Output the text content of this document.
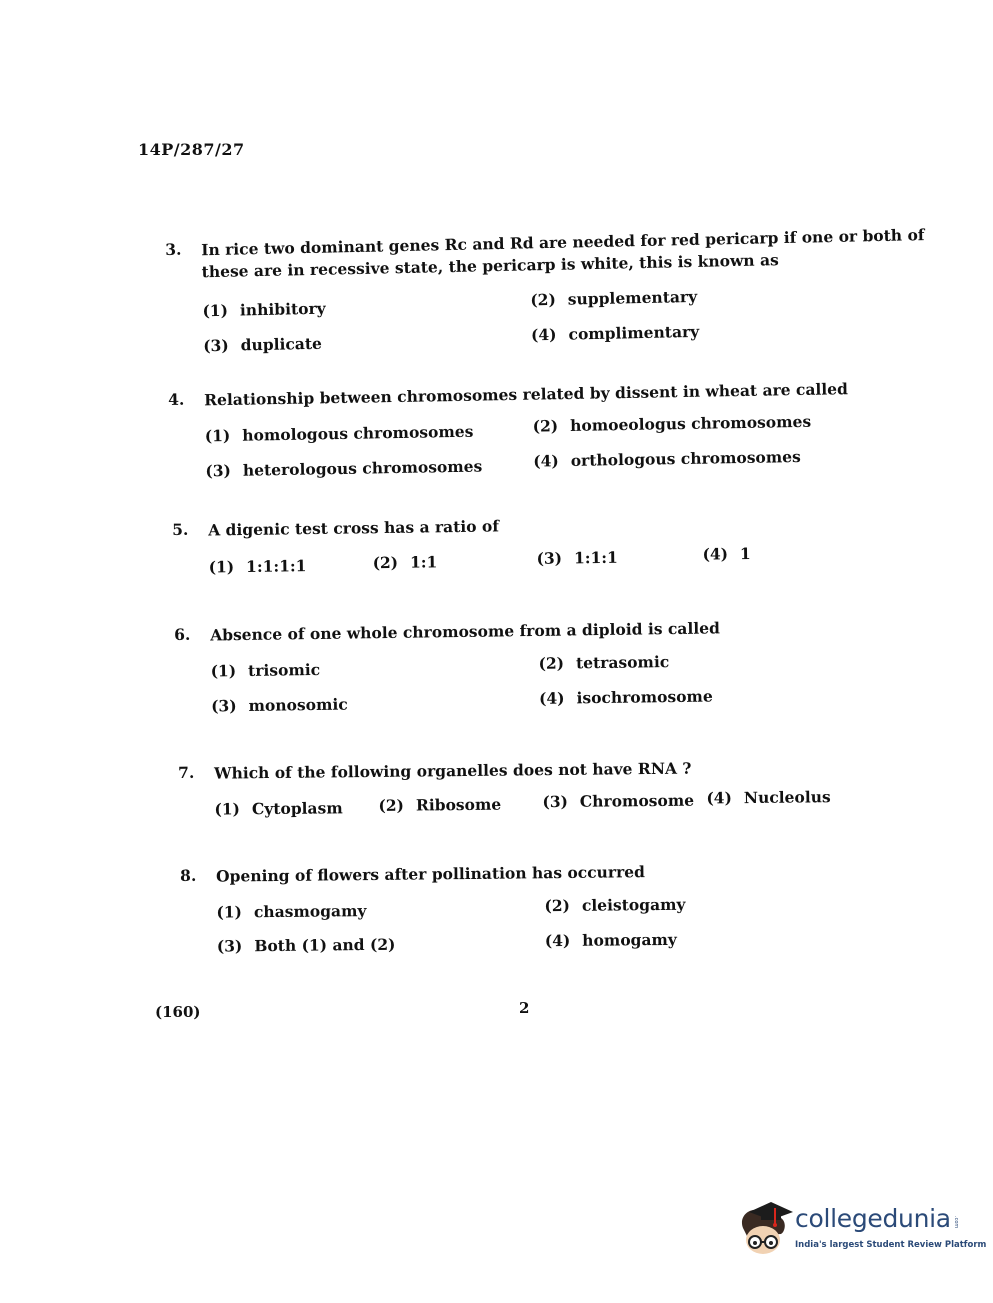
14P/287/27
3. In rice two dominant genes Rc and Rd are needed for red pericarp if one or both of
these are in recessive state, the pericarp is white, this is known as
(1) inhibitory	(2) supplementary
(3) duplicate	(4) complimentary
4. Relationship between chromosomes related by dissent in wheat are called
(1) homologous chromosomes	(2) homoeologus chromosomes
(3) heterologous chromosomes	(4) orthologous chromosomes
5. A digenic test cross has a ratio of
(1) 1:1:1:1	(2) 1:1	(3) 1:1:1	(4) 1
6. Absence of one whole chromosome from a diploid is called
(1) trisomic	(2) tetrasomic
(3) monosomic	(4) isochromosome
7. Which of the following organelles does not have RNA ?
(1) Cytoplasm (2) Ribosome	(3) Chromosome (4) Nucleolus
8. Opening of flowers after pollination has occurred
(1) chasmogamy	(2) cleistogamy
(3) Both (1) and (2)	(4) homogamy
(160)	2
collegedunia .com
India's largest Student Review Platform
